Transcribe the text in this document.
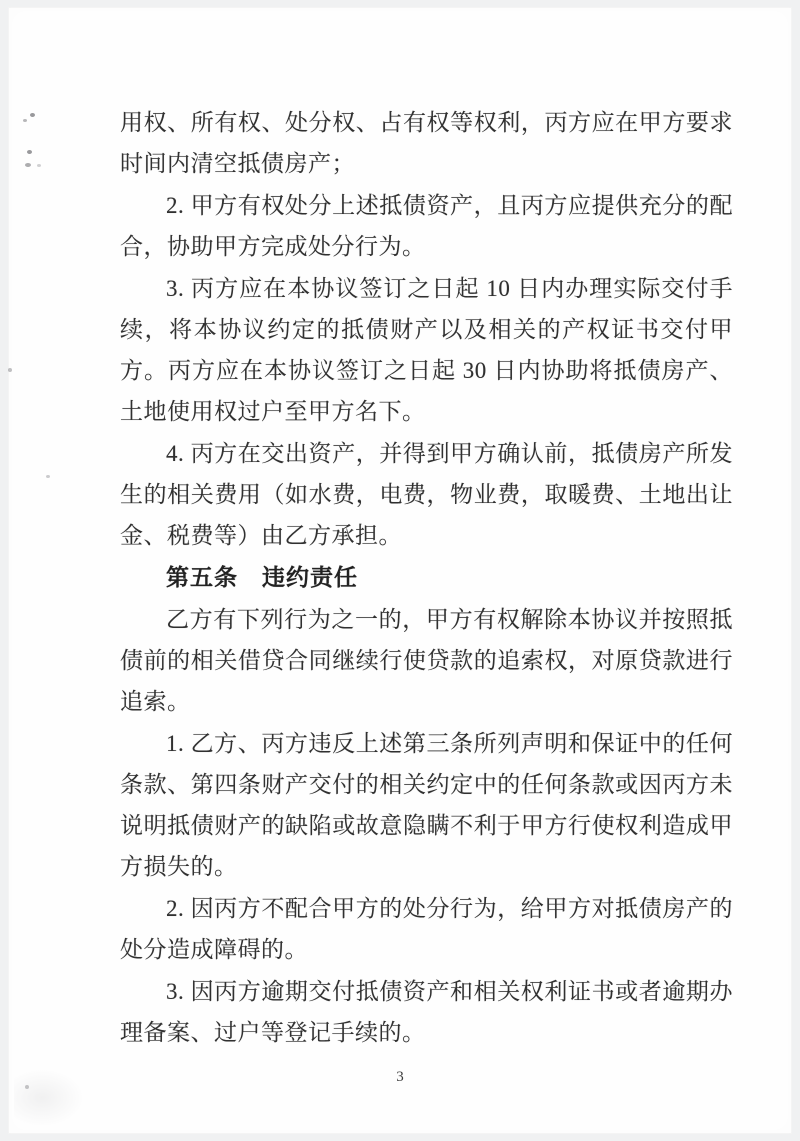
用权、所有权、处分权、占有权等权利，丙方应在甲方要求时间内清空抵债房产；

2. 甲方有权处分上述抵债资产，且丙方应提供充分的配合，协助甲方完成处分行为。

3. 丙方应在本协议签订之日起 10 日内办理实际交付手续，将本协议约定的抵债财产以及相关的产权证书交付甲方。丙方应在本协议签订之日起 30 日内协助将抵债房产、土地使用权过户至甲方名下。

4. 丙方在交出资产，并得到甲方确认前，抵债房产所发生的相关费用（如水费，电费，物业费，取暖费、土地出让金、税费等）由乙方承担。

第五条　违约责任

乙方有下列行为之一的，甲方有权解除本协议并按照抵债前的相关借贷合同继续行使贷款的追索权，对原贷款进行追索。

1. 乙方、丙方违反上述第三条所列声明和保证中的任何条款、第四条财产交付的相关约定中的任何条款或因丙方未说明抵债财产的缺陷或故意隐瞒不利于甲方行使权利造成甲方损失的。

2. 因丙方不配合甲方的处分行为，给甲方对抵债房产的处分造成障碍的。

3. 因丙方逾期交付抵债资产和相关权利证书或者逾期办理备案、过户等登记手续的。

3
